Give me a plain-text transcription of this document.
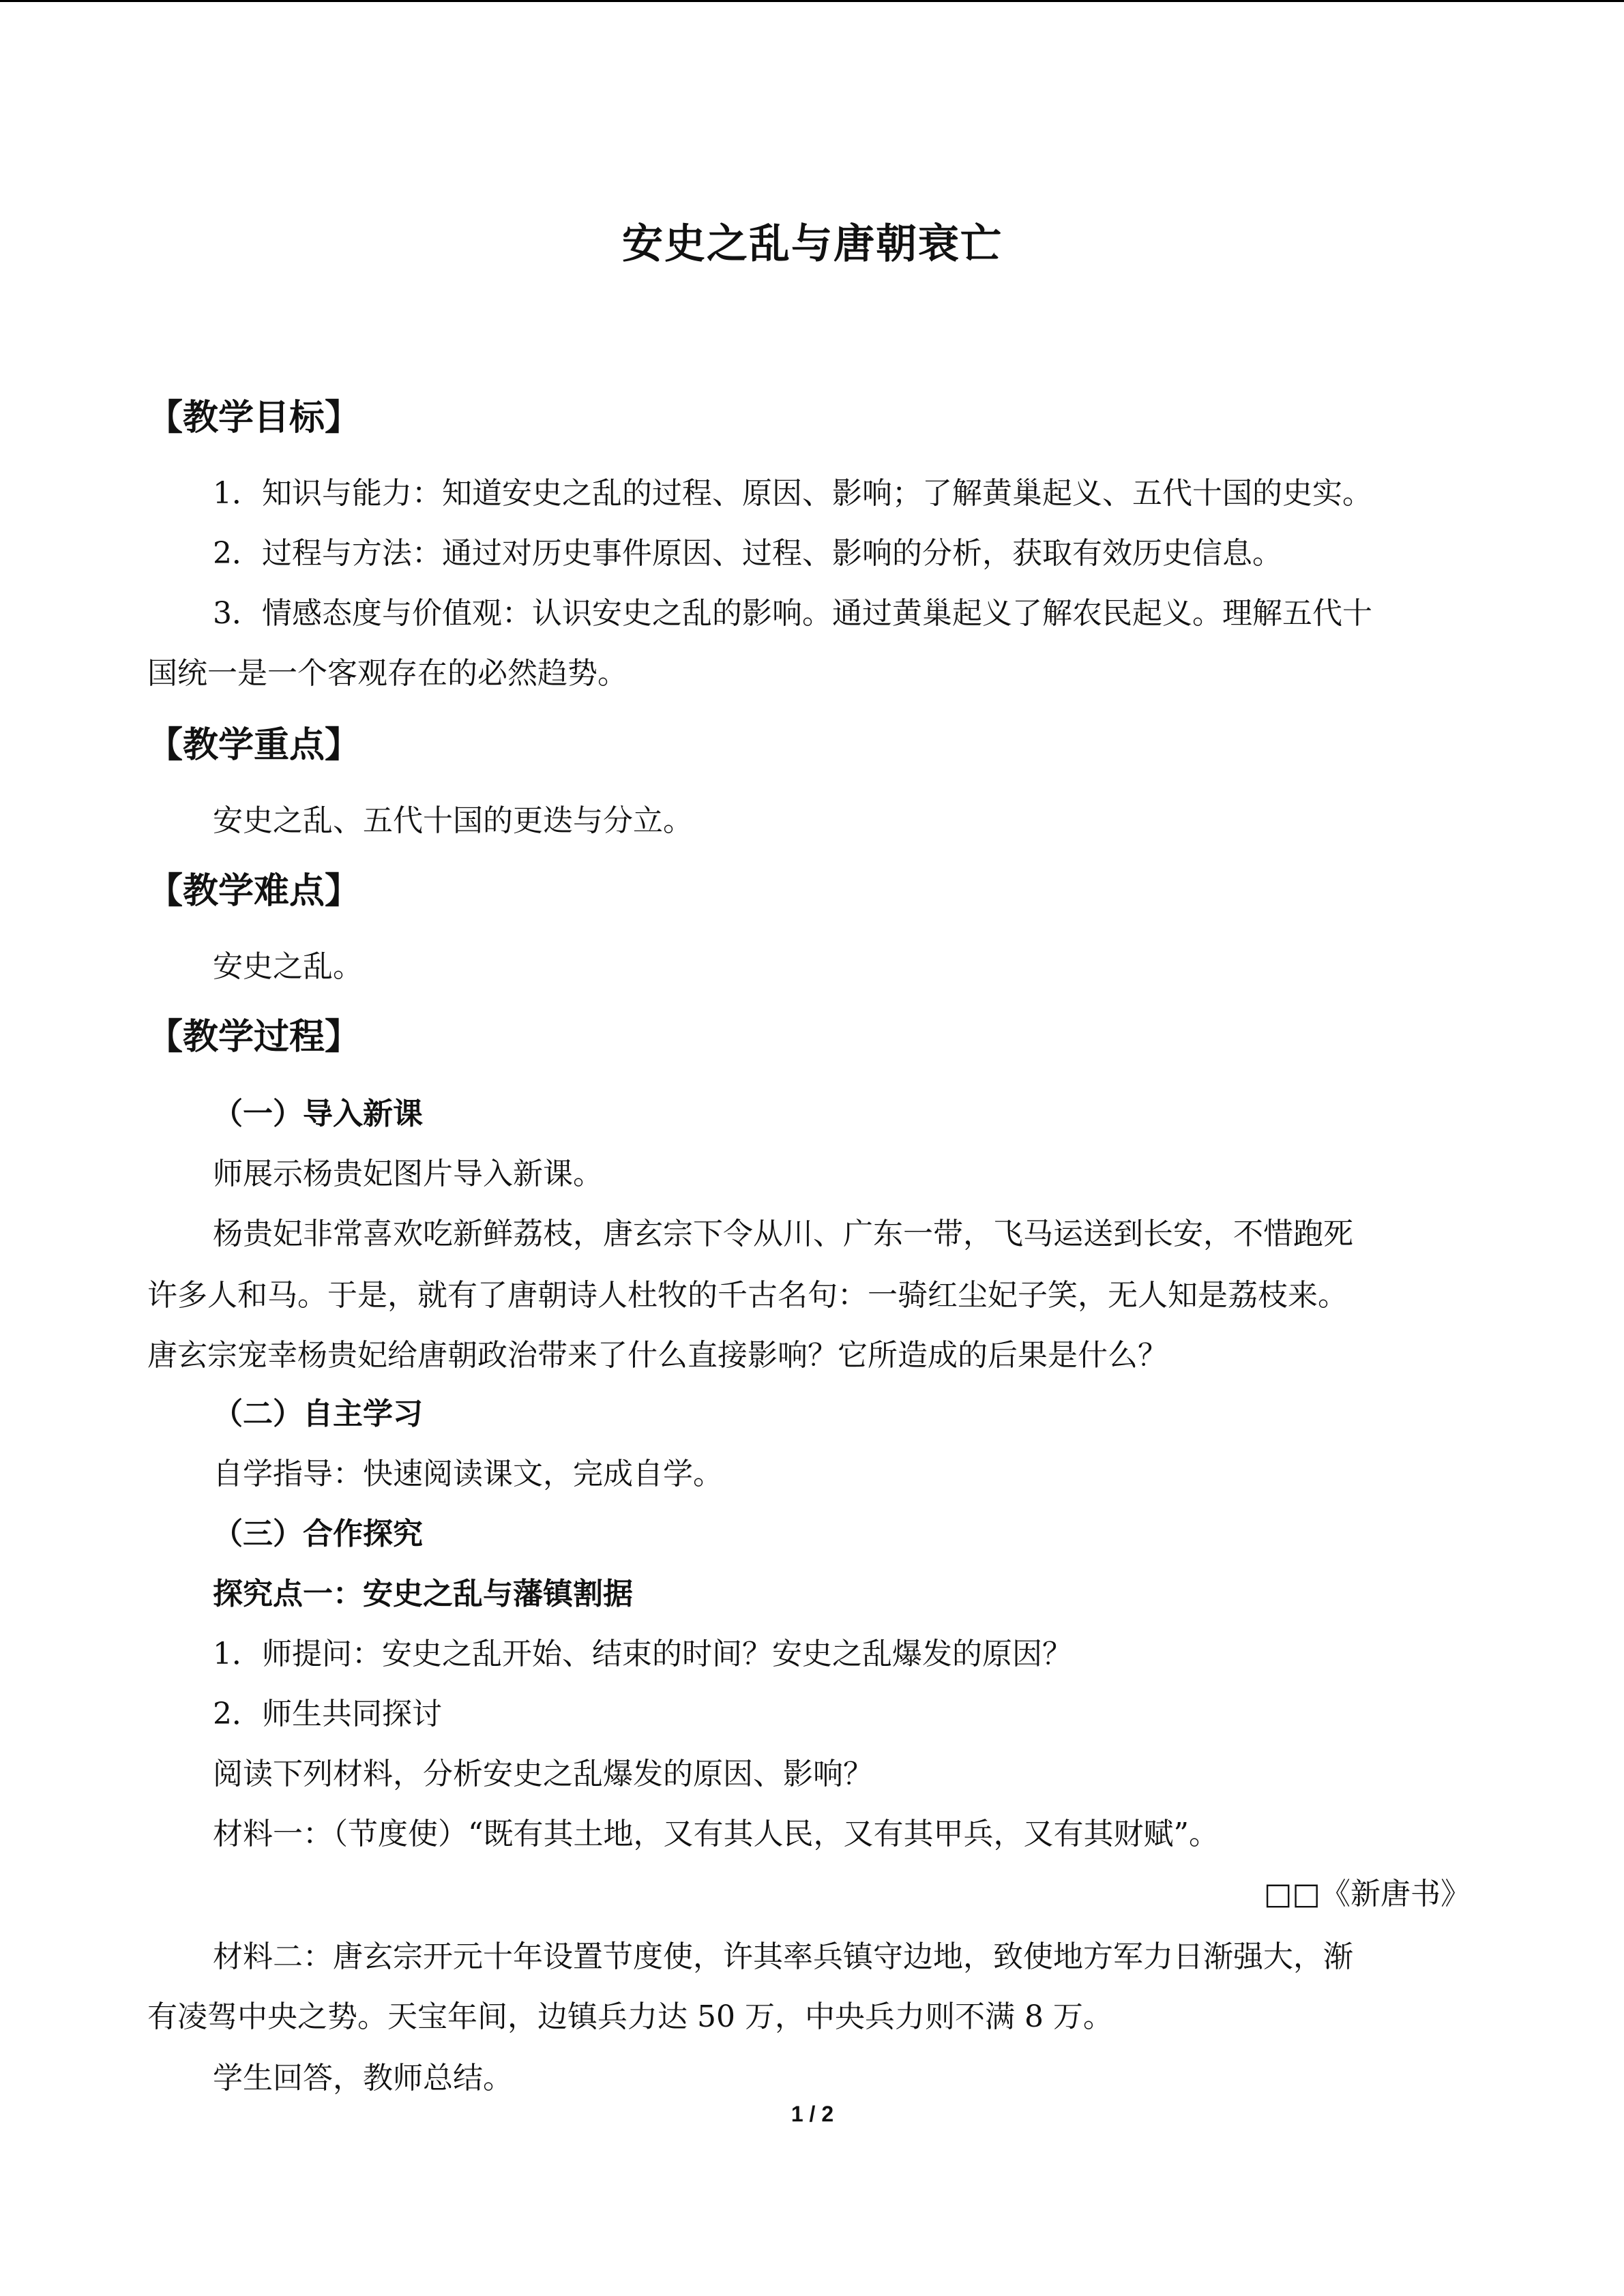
安史之乱与唐朝衰亡
【教学目标】
1．知识与能力：知道安史之乱的过程、原因、影响；了解黄巢起义、五代十国的史实。
2．过程与方法：通过对历史事件原因、过程、影响的分析，获取有效历史信息。
3．情感态度与价值观：认识安史之乱的影响。通过黄巢起义了解农民起义。理解五代十
国统一是一个客观存在的必然趋势。
【教学重点】
安史之乱、五代十国的更迭与分立。
【教学难点】
安史之乱。
【教学过程】
（一）导入新课
师展示杨贵妃图片导入新课。
杨贵妃非常喜欢吃新鲜荔枝，唐玄宗下令从川、广东一带，飞马运送到长安，不惜跑死
许多人和马。于是，就有了唐朝诗人杜牧的千古名句：一骑红尘妃子笑，无人知是荔枝来。
唐玄宗宠幸杨贵妃给唐朝政治带来了什么直接影响？它所造成的后果是什么？
（二）自主学习
自学指导：快速阅读课文，完成自学。
（三）合作探究
探究点一：安史之乱与藩镇割据
1．师提问：安史之乱开始、结束的时间？安史之乱爆发的原因？
2．师生共同探讨
阅读下列材料，分析安史之乱爆发的原因、影响？
材料一：（节度使）“既有其土地，又有其人民，又有其甲兵，又有其财赋”。
□□《新唐书》
材料二：唐玄宗开元十年设置节度使，许其率兵镇守边地，致使地方军力日渐强大，渐
有凌驾中央之势。天宝年间，边镇兵力达 50 万，中央兵力则不满 8 万。
学生回答，教师总结。
1 / 2
